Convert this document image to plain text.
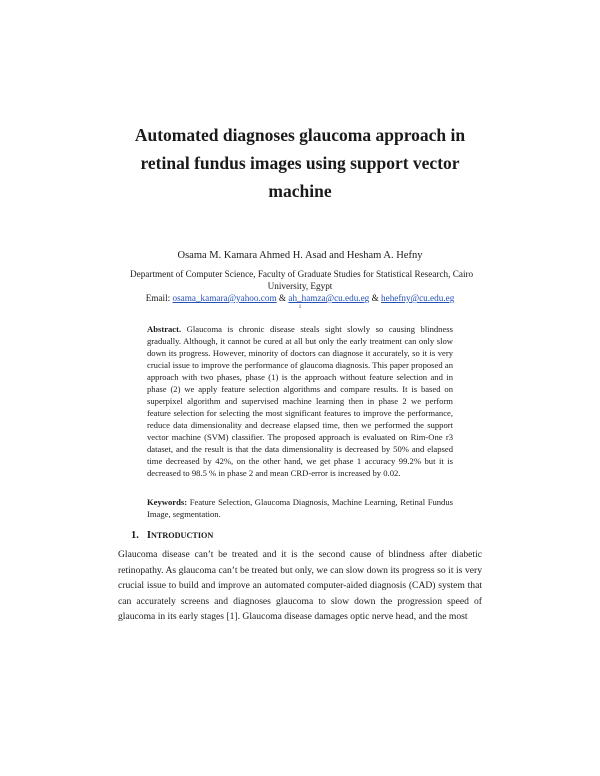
Automated diagnoses glaucoma approach in
retinal fundus images using support vector
machine
Osama M. Kamara Ahmed H. Asad and Hesham A. Hefny
Department of Computer Science, Faculty of Graduate Studies for Statistical Research, Cairo
University, Egypt
Email: osama_kamara@yahoo.com & ah_hamza@cu.edu.eg & hehefny@cu.edu.eg
1

Abstract. Glaucoma is chronic disease steals sight slowly so causing blindness gradually. Although, it cannot be cured at all but only the early treatment can only slow down its progress. However, minority of doctors can diagnose it accurately, so it is very crucial issue to improve the performance of glaucoma diagnosis. This paper proposed an approach with two phases, phase (1) is the approach without feature selection and in phase (2) we apply feature selection algorithms and compare results. It is based on superpixel algorithm and supervised machine learning then in phase 2 we perform feature selection for selecting the most significant features to improve the performance, reduce data dimensionality and decrease elapsed time, then we performed the support vector machine (SVM) classifier. The proposed approach is evaluated on Rim-One r3 dataset, and the result is that the data dimensionality is decreased by 50% and elapsed time decreased by 42%, on the other hand, we get phase 1 accuracy 99.2% but it is decreased to 98.5 % in phase 2 and mean CRD-error is increased by 0.02.

Keywords: Feature Selection, Glaucoma Diagnosis, Machine Learning, Retinal Fundus Image, segmentation.

1. INTRODUCTION

Glaucoma disease can’t be treated and it is the second cause of blindness after diabetic retinopathy. As glaucoma can’t be treated but only, we can slow down its progress so it is very crucial issue to build and improve an automated computer-aided diagnosis (CAD) system that can accurately screens and diagnoses glaucoma to slow down the progression speed of glaucoma in its early stages [1]. Glaucoma disease damages optic nerve head, and the most
